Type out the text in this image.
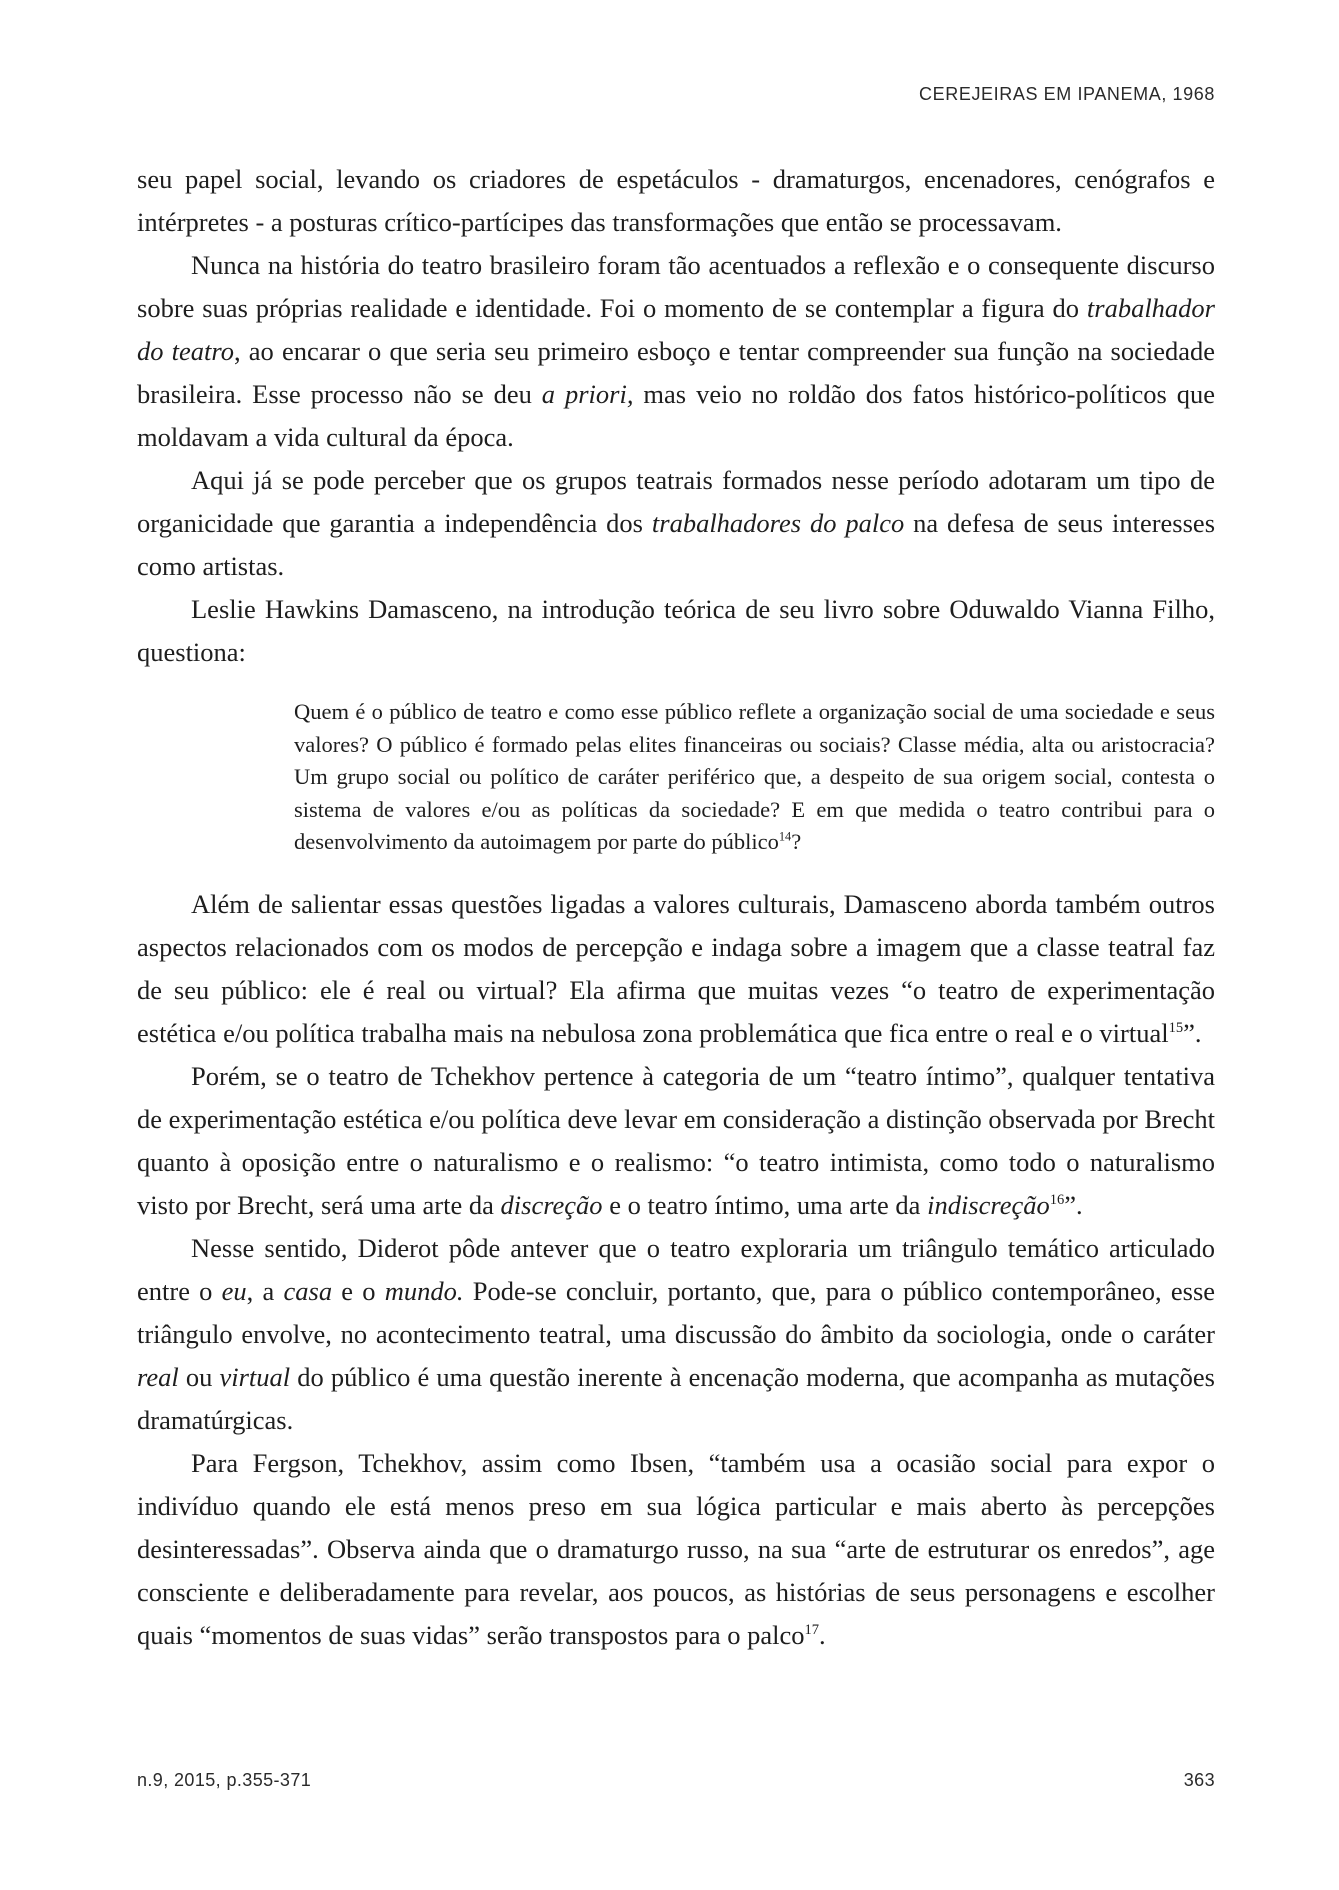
CEREJEIRAS EM IPANEMA, 1968

seu papel social, levando os criadores de espetáculos - dramaturgos, encenadores, cenógrafos e intérpretes - a posturas crítico-partícipes das transformações que então se processavam.

Nunca na história do teatro brasileiro foram tão acentuados a reflexão e o consequente discurso sobre suas próprias realidade e identidade. Foi o momento de se contemplar a figura do trabalhador do teatro, ao encarar o que seria seu primeiro esboço e tentar compreender sua função na sociedade brasileira. Esse processo não se deu a priori, mas veio no roldão dos fatos histórico-políticos que moldavam a vida cultural da época.

Aqui já se pode perceber que os grupos teatrais formados nesse período adotaram um tipo de organicidade que garantia a independência dos trabalhadores do palco na defesa de seus interesses como artistas.

Leslie Hawkins Damasceno, na introdução teórica de seu livro sobre Oduwaldo Vianna Filho, questiona:

Quem é o público de teatro e como esse público reflete a organização social de uma sociedade e seus valores? O público é formado pelas elites financeiras ou sociais? Classe média, alta ou aristocracia? Um grupo social ou político de caráter periférico que, a despeito de sua origem social, contesta o sistema de valores e/ou as políticas da sociedade? E em que medida o teatro contribui para o desenvolvimento da autoimagem por parte do público$^{14}$?

Além de salientar essas questões ligadas a valores culturais, Damasceno aborda também outros aspectos relacionados com os modos de percepção e indaga sobre a imagem que a classe teatral faz de seu público: ele é real ou virtual? Ela afirma que muitas vezes “o teatro de experimentação estética e/ou política trabalha mais na nebulosa zona problemática que fica entre o real e o virtual$^{15}$”.

Porém, se o teatro de Tchekhov pertence à categoria de um “teatro íntimo”, qualquer tentativa de experimentação estética e/ou política deve levar em consideração a distinção observada por Brecht quanto à oposição entre o naturalismo e o realismo: “o teatro intimista, como todo o naturalismo visto por Brecht, será uma arte da discreção e o teatro íntimo, uma arte da indiscreção$^{16}$”.

Nesse sentido, Diderot pôde antever que o teatro exploraria um triângulo temático articulado entre o eu, a casa e o mundo. Pode-se concluir, portanto, que, para o público contemporâneo, esse triângulo envolve, no acontecimento teatral, uma discussão do âmbito da sociologia, onde o caráter real ou virtual do público é uma questão inerente à encenação moderna, que acompanha as mutações dramatúrgicas.

Para Fergson, Tchekhov, assim como Ibsen, “também usa a ocasião social para expor o indivíduo quando ele está menos preso em sua lógica particular e mais aberto às percepções desinteressadas”. Observa ainda que o dramaturgo russo, na sua “arte de estruturar os enredos”, age consciente e deliberadamente para revelar, aos poucos, as histórias de seus personagens e escolher quais “momentos de suas vidas” serão transpostos para o palco$^{17}$.

n.9, 2015, p.355-371	363
